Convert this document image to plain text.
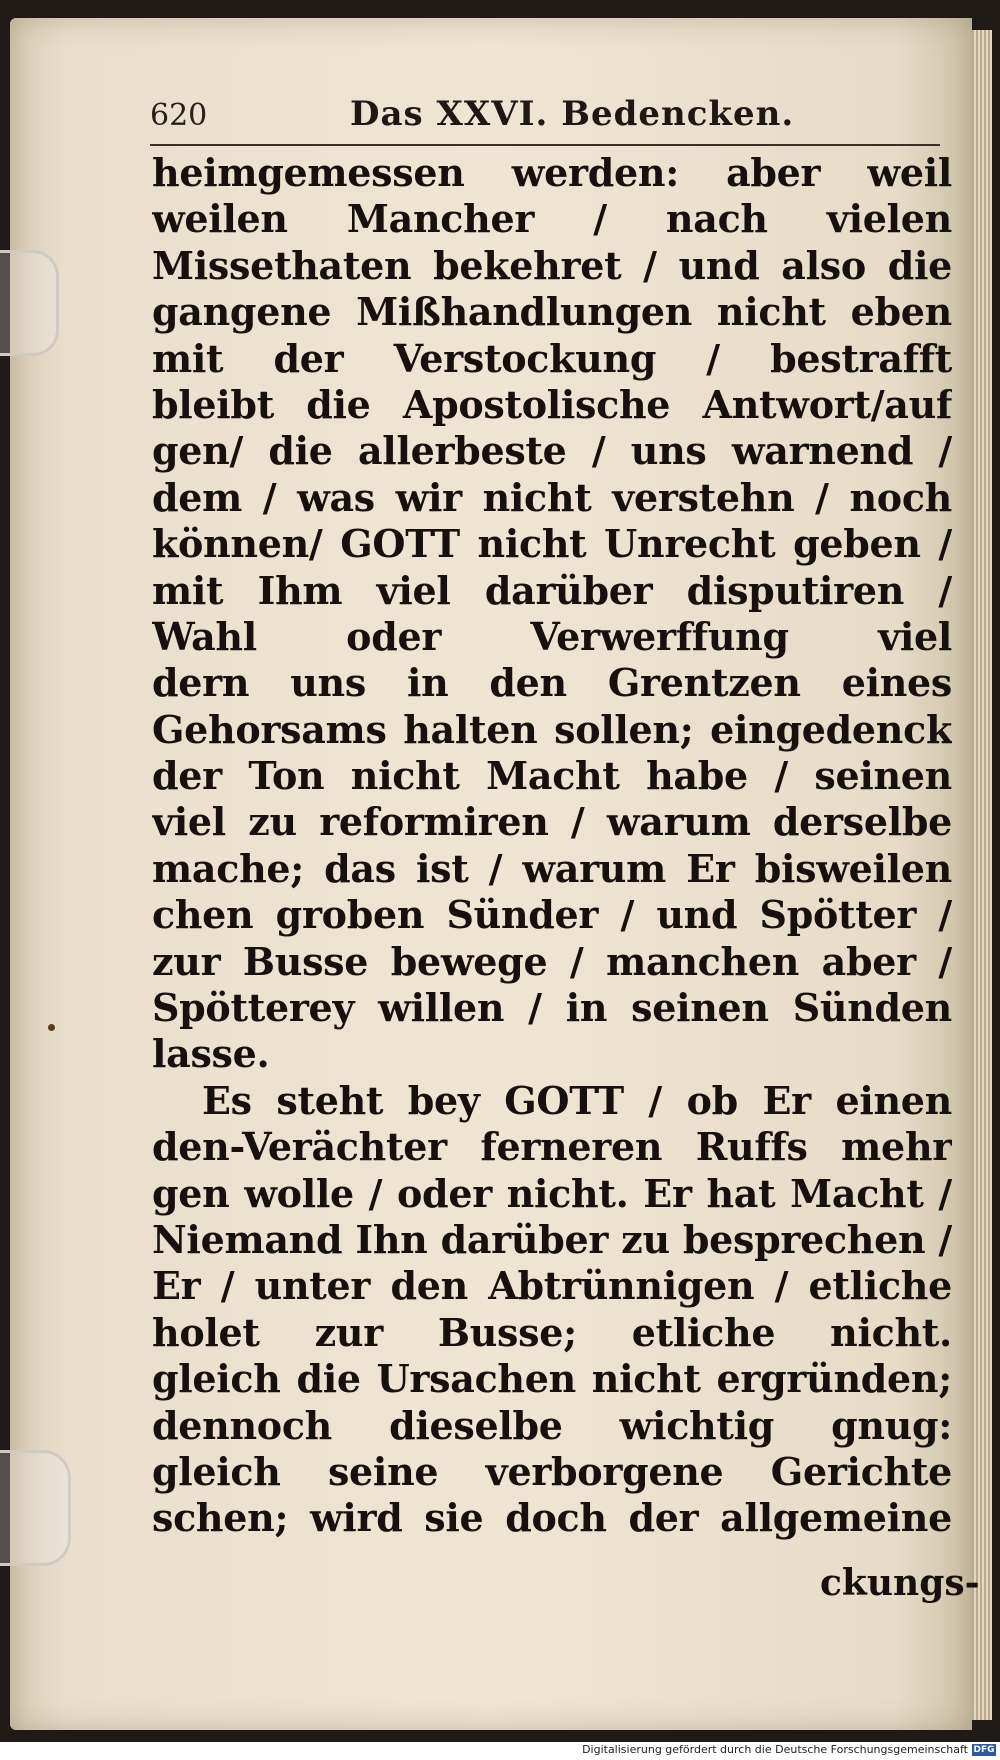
620	Das XXVI. Bedencken.
heimgemessen werden: aber weil
weilen Mancher / nach vielen
Missethaten bekehret / und also die
gangene Mißhandlungen nicht eben
mit der Verstockung / bestrafft
bleibt die Apostolische Antwort/auf
gen/ die allerbeste / uns warnend /
dem / was wir nicht verstehn / noch
können/ GOTT nicht Unrecht geben /
mit Ihm viel darüber disputiren /
Wahl oder Verwerffung viel
dern uns in den Grentzen eines
Gehorsams halten sollen; eingedenck
der Ton nicht Macht habe / seinen
viel zu reformiren / warum derselbe
mache; das ist / warum Er bisweilen
chen groben Sünder / und Spötter /
zur Busse bewege / manchen aber /
Spötterey willen / in seinen Sünden
lasse.
Es steht bey GOTT / ob Er einen
den-Verächter ferneren Ruffs mehr
gen wolle / oder nicht. Er hat Macht /
Niemand Ihn darüber zu besprechen /
Er / unter den Abtrünnigen / etliche
holet zur Busse; etliche nicht.
gleich die Ursachen nicht ergründen;
dennoch dieselbe wichtig gnug:
gleich seine verborgene Gerichte
schen; wird sie doch der allgemeine
ckungs-
Digitalisierung gefördert durch die Deutsche Forschungsgemeinschaft DFG
